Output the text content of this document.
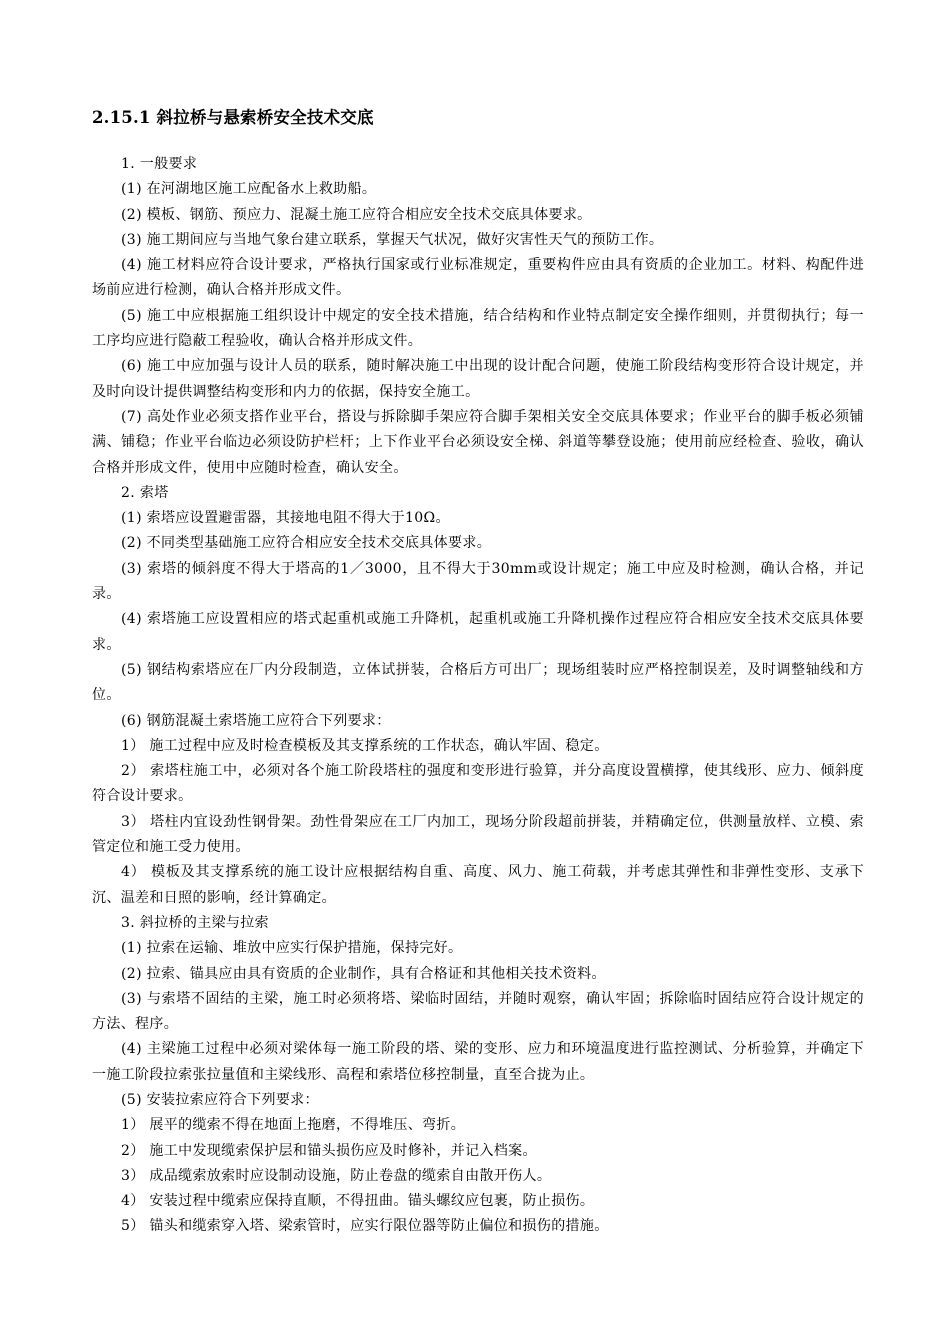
2.15.1 斜拉桥与悬索桥安全技术交底

1. 一般要求

(1) 在河湖地区施工应配备水上救助船。

(2) 模板、钢筋、预应力、混凝土施工应符合相应安全技术交底具体要求。

(3) 施工期间应与当地气象台建立联系，掌握天气状况，做好灾害性天气的预防工作。

(4) 施工材料应符合设计要求，严格执行国家或行业标准规定，重要构件应由具有资质的企业加工。材料、构配件进场前应进行检测，确认合格并形成文件。

(5) 施工中应根据施工组织设计中规定的安全技术措施，结合结构和作业特点制定安全操作细则，并贯彻执行；每一工序均应进行隐蔽工程验收，确认合格并形成文件。

(6) 施工中应加强与设计人员的联系，随时解决施工中出现的设计配合问题，使施工阶段结构变形符合设计规定，并及时向设计提供调整结构变形和内力的依据，保持安全施工。

(7) 高处作业必须支搭作业平台，搭设与拆除脚手架应符合脚手架相关安全交底具体要求；作业平台的脚手板必须铺满、铺稳；作业平台临边必须设防护栏杆；上下作业平台必须设安全梯、斜道等攀登设施；使用前应经检查、验收，确认合格并形成文件，使用中应随时检查，确认安全。

2. 索塔

(1) 索塔应设置避雷器，其接地电阻不得大于10Ω。

(2) 不同类型基础施工应符合相应安全技术交底具体要求。

(3) 索塔的倾斜度不得大于塔高的1／3000，且不得大于30mm或设计规定；施工中应及时检测，确认合格，并记录。

(4) 索塔施工应设置相应的塔式起重机或施工升降机，起重机或施工升降机操作过程应符合相应安全技术交底具体要求。

(5) 钢结构索塔应在厂内分段制造，立体试拼装，合格后方可出厂；现场组装时应严格控制误差，及时调整轴线和方位。

(6) 钢筋混凝土索塔施工应符合下列要求：

1） 施工过程中应及时检查模板及其支撑系统的工作状态，确认牢固、稳定。

2） 索塔柱施工中，必须对各个施工阶段塔柱的强度和变形进行验算，并分高度设置横撑，使其线形、应力、倾斜度符合设计要求。

3） 塔柱内宜设劲性钢骨架。劲性骨架应在工厂内加工，现场分阶段超前拼装，并精确定位，供测量放样、立模、索管定位和施工受力使用。

4） 模板及其支撑系统的施工设计应根据结构自重、高度、风力、施工荷载，并考虑其弹性和非弹性变形、支承下沉、温差和日照的影响，经计算确定。

3. 斜拉桥的主梁与拉索

(1) 拉索在运输、堆放中应实行保护措施，保持完好。

(2) 拉索、锚具应由具有资质的企业制作，具有合格证和其他相关技术资料。

(3) 与索塔不固结的主梁，施工时必须将塔、梁临时固结，并随时观察，确认牢固；拆除临时固结应符合设计规定的方法、程序。

(4) 主梁施工过程中必须对梁体每一施工阶段的塔、梁的变形、应力和环境温度进行监控测试、分析验算，并确定下一施工阶段拉索张拉量值和主梁线形、高程和索塔位移控制量，直至合拢为止。

(5) 安装拉索应符合下列要求：

1） 展平的缆索不得在地面上拖磨，不得堆压、弯折。

2） 施工中发现缆索保护层和锚头损伤应及时修补，并记入档案。

3） 成品缆索放索时应设制动设施，防止卷盘的缆索自由散开伤人。

4） 安装过程中缆索应保持直顺，不得扭曲。锚头螺纹应包裹，防止损伤。

5） 锚头和缆索穿入塔、梁索管时，应实行限位器等防止偏位和损伤的措施。
